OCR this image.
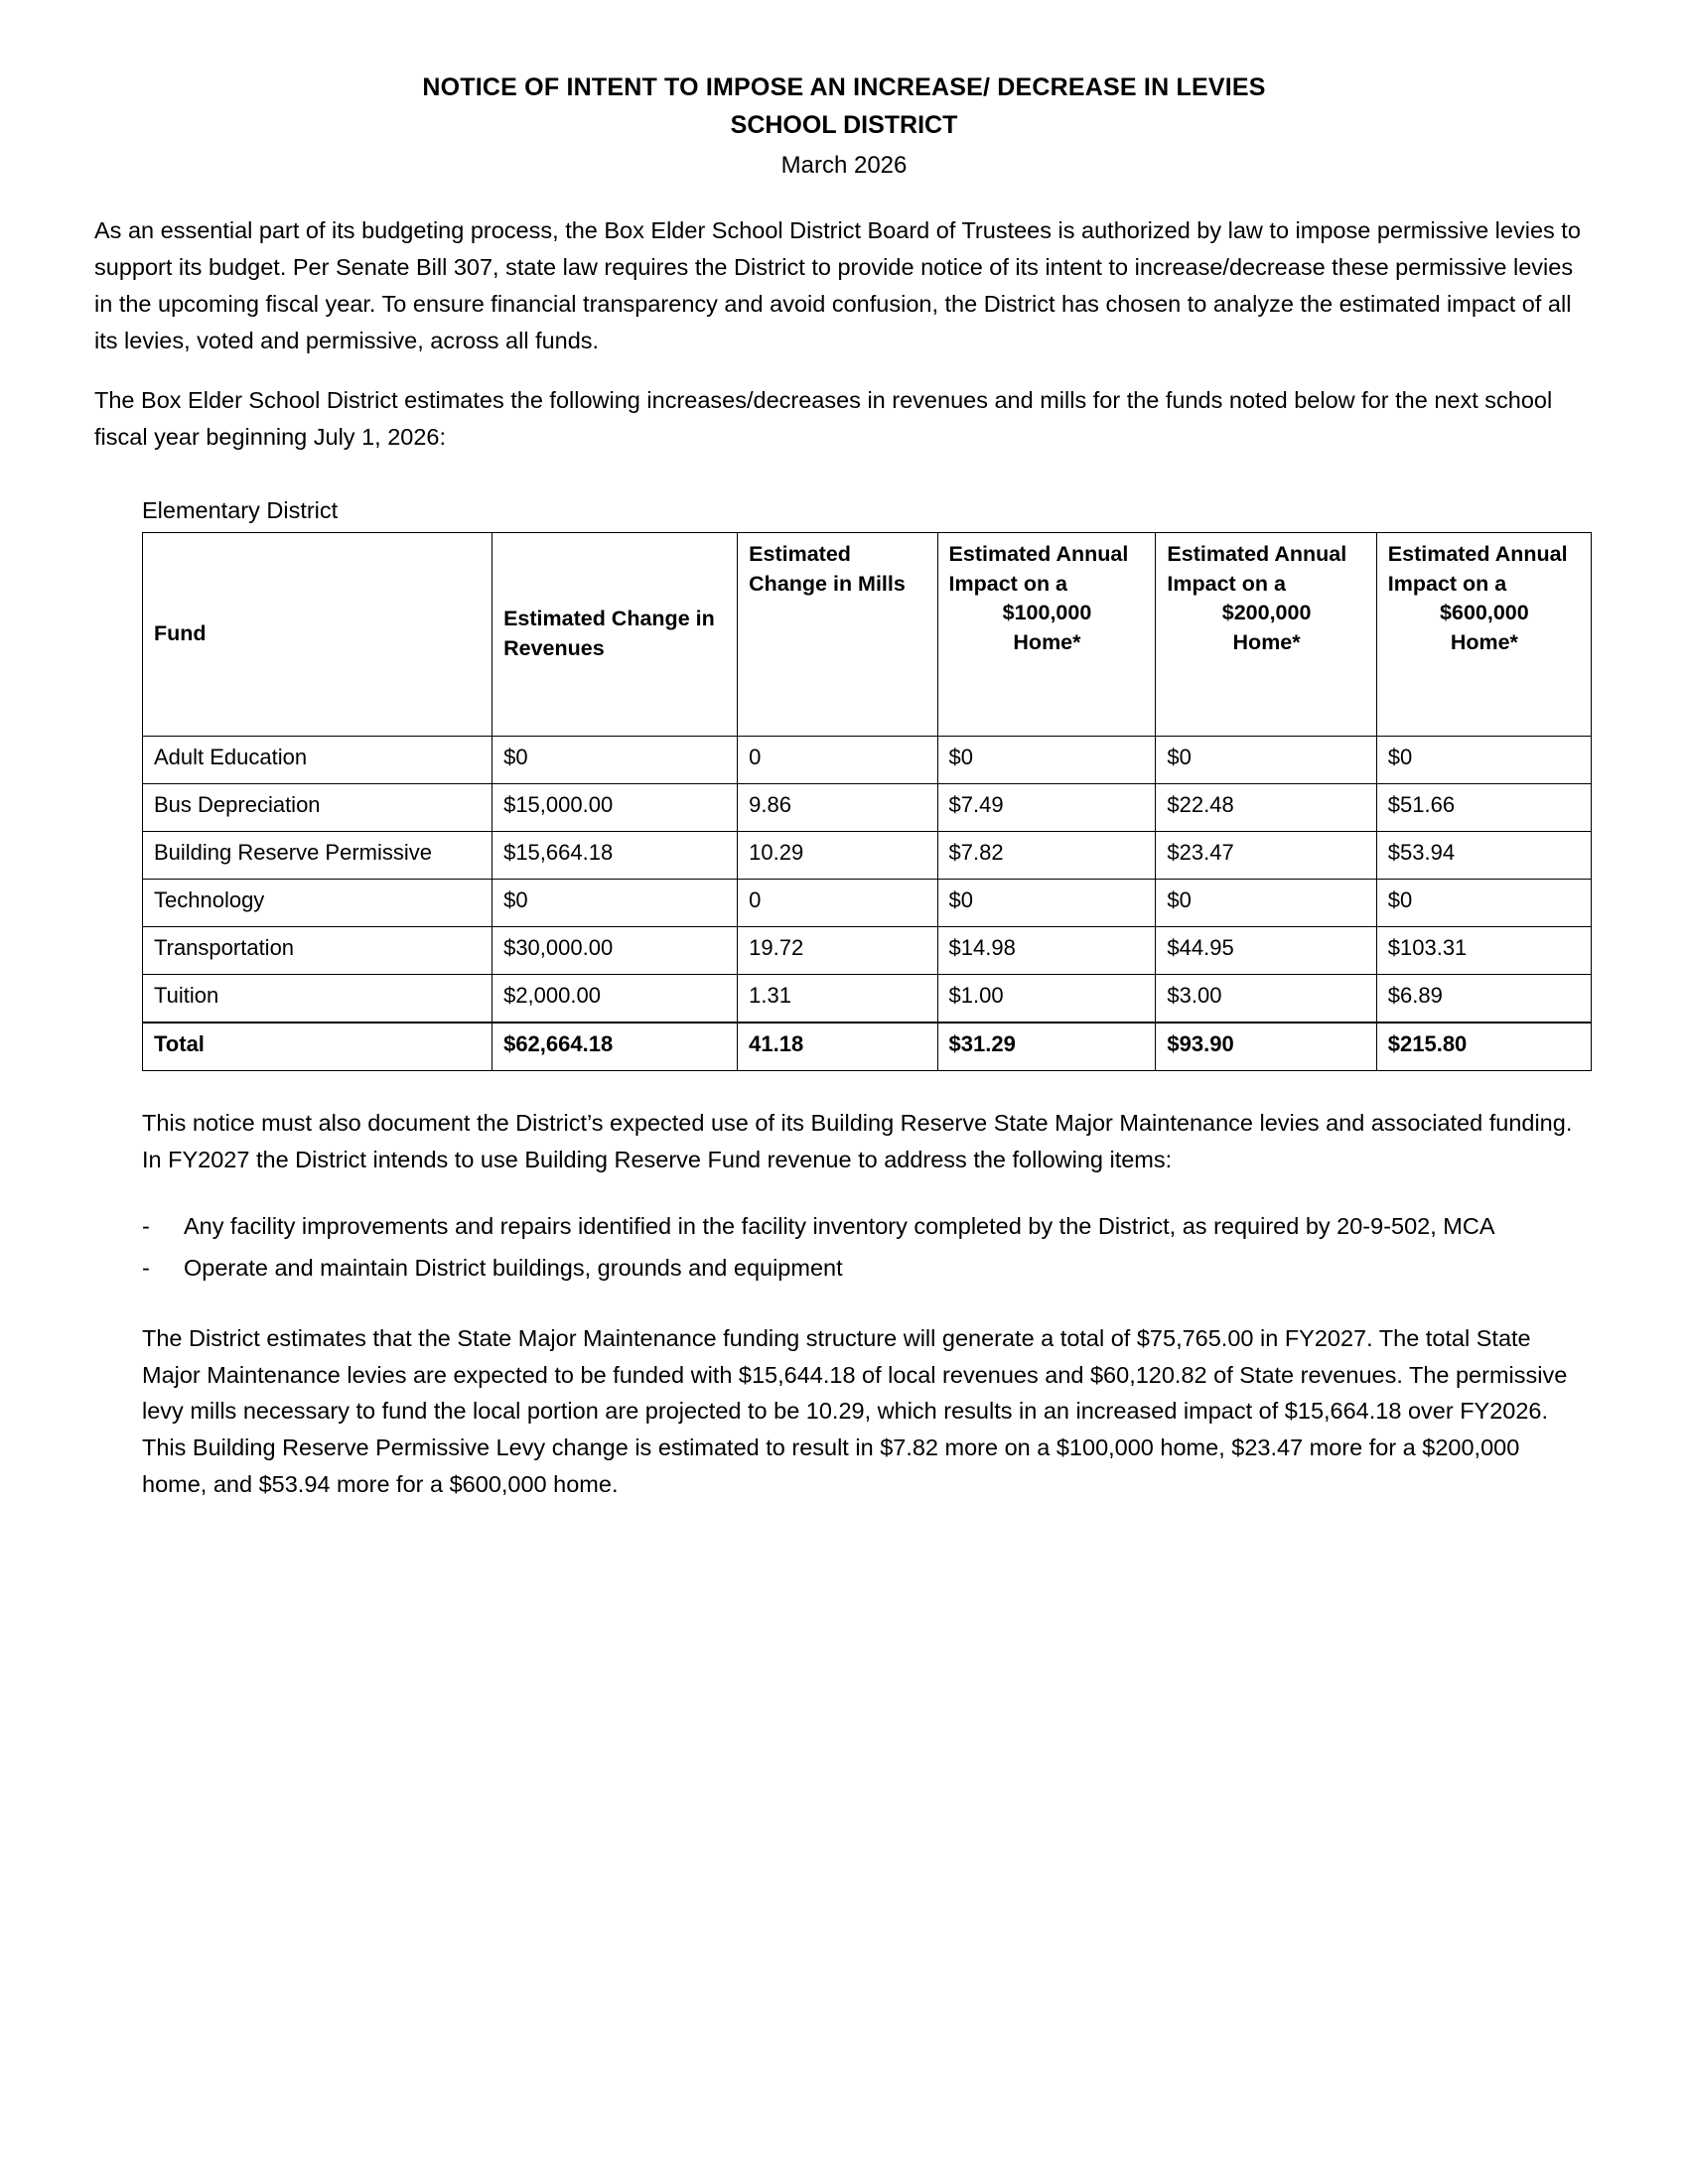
NOTICE OF INTENT TO IMPOSE AN INCREASE/ DECREASE IN LEVIES
SCHOOL DISTRICT
March 2026

As an essential part of its budgeting process, the Box Elder School District Board of Trustees is authorized by law to impose permissive levies to support its budget. Per Senate Bill 307, state law requires the District to provide notice of its intent to increase/decrease these permissive levies in the upcoming fiscal year. To ensure financial transparency and avoid confusion, the District has chosen to analyze the estimated impact of all its levies, voted and permissive, across all funds.

The Box Elder School District estimates the following increases/decreases in revenues and mills for the funds noted below for the next school fiscal year beginning July 1, 2026:

Elementary District
Fund	Estimated Change in Revenues	Estimated Change in Mills	Estimated Annual Impact on a
$100,000
Home*	Estimated Annual Impact on a
$200,000
Home*	Estimated Annual Impact on a
$600,000
Home*

Adult Education	$0	0	$0	$0	$0
Bus Depreciation	$15,000.00	9.86	$7.49	$22.48	$51.66
Building Reserve Permissive	$15,664.18	10.29	$7.82	$23.47	$53.94
Technology	$0	0	$0	$0	$0
Transportation	$30,000.00	19.72	$14.98	$44.95	$103.31
Tuition	$2,000.00	1.31	$1.00	$3.00	$6.89
Total	$62,664.18	41.18	$31.29	$93.90	$215.80

This notice must also document the District’s expected use of its Building Reserve State Major Maintenance levies and associated funding. In FY2027 the District intends to use Building Reserve Fund revenue to address the following items:

-	Any facility improvements and repairs identified in the facility inventory completed by the District, as required by 20-9-502, MCA
-	Operate and maintain District buildings, grounds and equipment

The District estimates that the State Major Maintenance funding structure will generate a total of $75,765.00 in FY2027. The total State Major Maintenance levies are expected to be funded with $15,644.18 of local revenues and $60,120.82 of State revenues. The permissive levy mills necessary to fund the local portion are projected to be 10.29, which results in an increased impact of $15,664.18 over FY2026. This Building Reserve Permissive Levy change is estimated to result in $7.82 more on a $100,000 home, $23.47 more for a $200,000 home, and $53.94 more for a $600,000 home.
